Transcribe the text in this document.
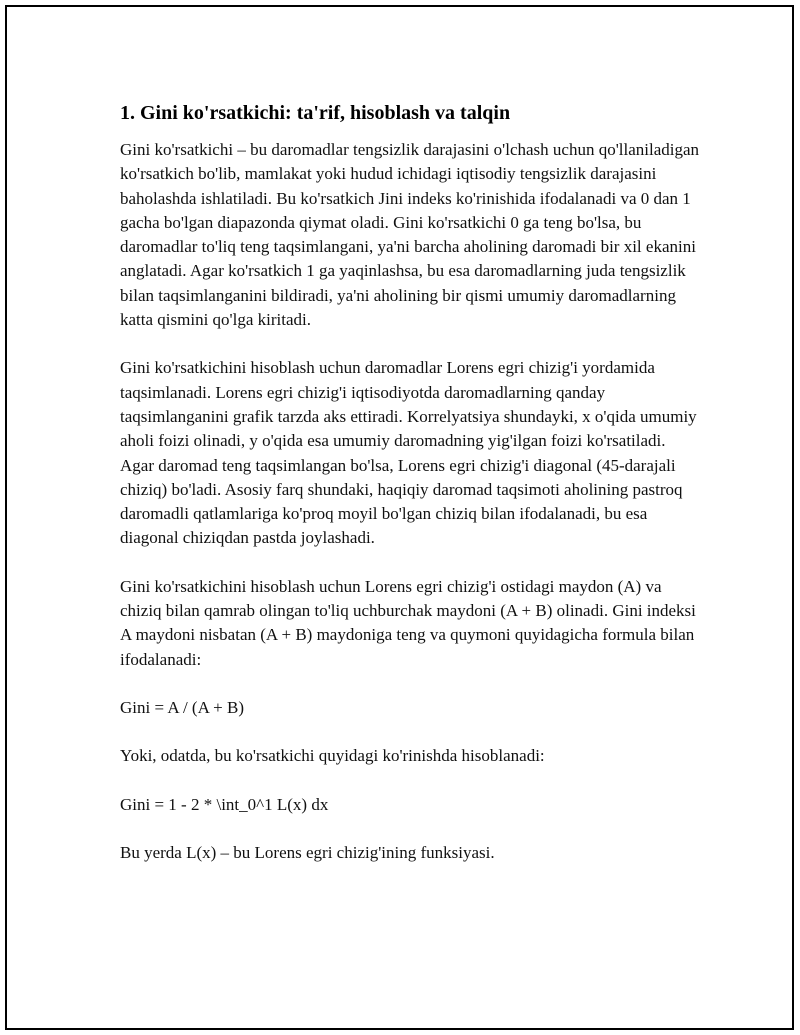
1. Gini ko'rsatkichi: ta'rif, hisoblash va talqin

Gini ko'rsatkichi – bu daromadlar tengsizlik darajasini o'lchash uchun qo'llaniladigan ko'rsatkich bo'lib, mamlakat yoki hudud ichidagi iqtisodiy tengsizlik darajasini baholashda ishlatiladi. Bu ko'rsatkich Jini indeks ko'rinishida ifodalanadi va 0 dan 1 gacha bo'lgan diapazonda qiymat oladi. Gini ko'rsatkichi 0 ga teng bo'lsa, bu daromadlar to'liq teng taqsimlangani, ya'ni barcha aholining daromadi bir xil ekanini anglatadi. Agar ko'rsatkich 1 ga yaqinlashsa, bu esa daromadlarning juda tengsizlik bilan taqsimlanganini bildiradi, ya'ni aholining bir qismi umumiy daromadlarning katta qismini qo'lga kiritadi.

Gini ko'rsatkichini hisoblash uchun daromadlar Lorens egri chizig'i yordamida taqsimlanadi. Lorens egri chizig'i iqtisodiyotda daromadlarning qanday taqsimlanganini grafik tarzda aks ettiradi. Korrelyatsiya shundayki, x o'qida umumiy aholi foizi olinadi, y o'qida esa umumiy daromadning yig'ilgan foizi ko'rsatiladi. Agar daromad teng taqsimlangan bo'lsa, Lorens egri chizig'i diagonal (45-darajali chiziq) bo'ladi. Asosiy farq shundaki, haqiqiy daromad taqsimoti aholining pastroq daromadli qatlamlariga ko'proq moyil bo'lgan chiziq bilan ifodalanadi, bu esa diagonal chiziqdan pastda joylashadi.

Gini ko'rsatkichini hisoblash uchun Lorens egri chizig'i ostidagi maydon (A) va chiziq bilan qamrab olingan to'liq uchburchak maydoni (A + B) olinadi. Gini indeksi A maydoni nisbatan (A + B) maydoniga teng va quymoni quyidagicha formula bilan ifodalanadi:

Gini = A / (A + B)

Yoki, odatda, bu ko'rsatkichi quyidagi ko'rinishda hisoblanadi:

Gini = 1 - 2 * \int_0^1 L(x) dx

Bu yerda L(x) – bu Lorens egri chizig'ining funksiyasi.
